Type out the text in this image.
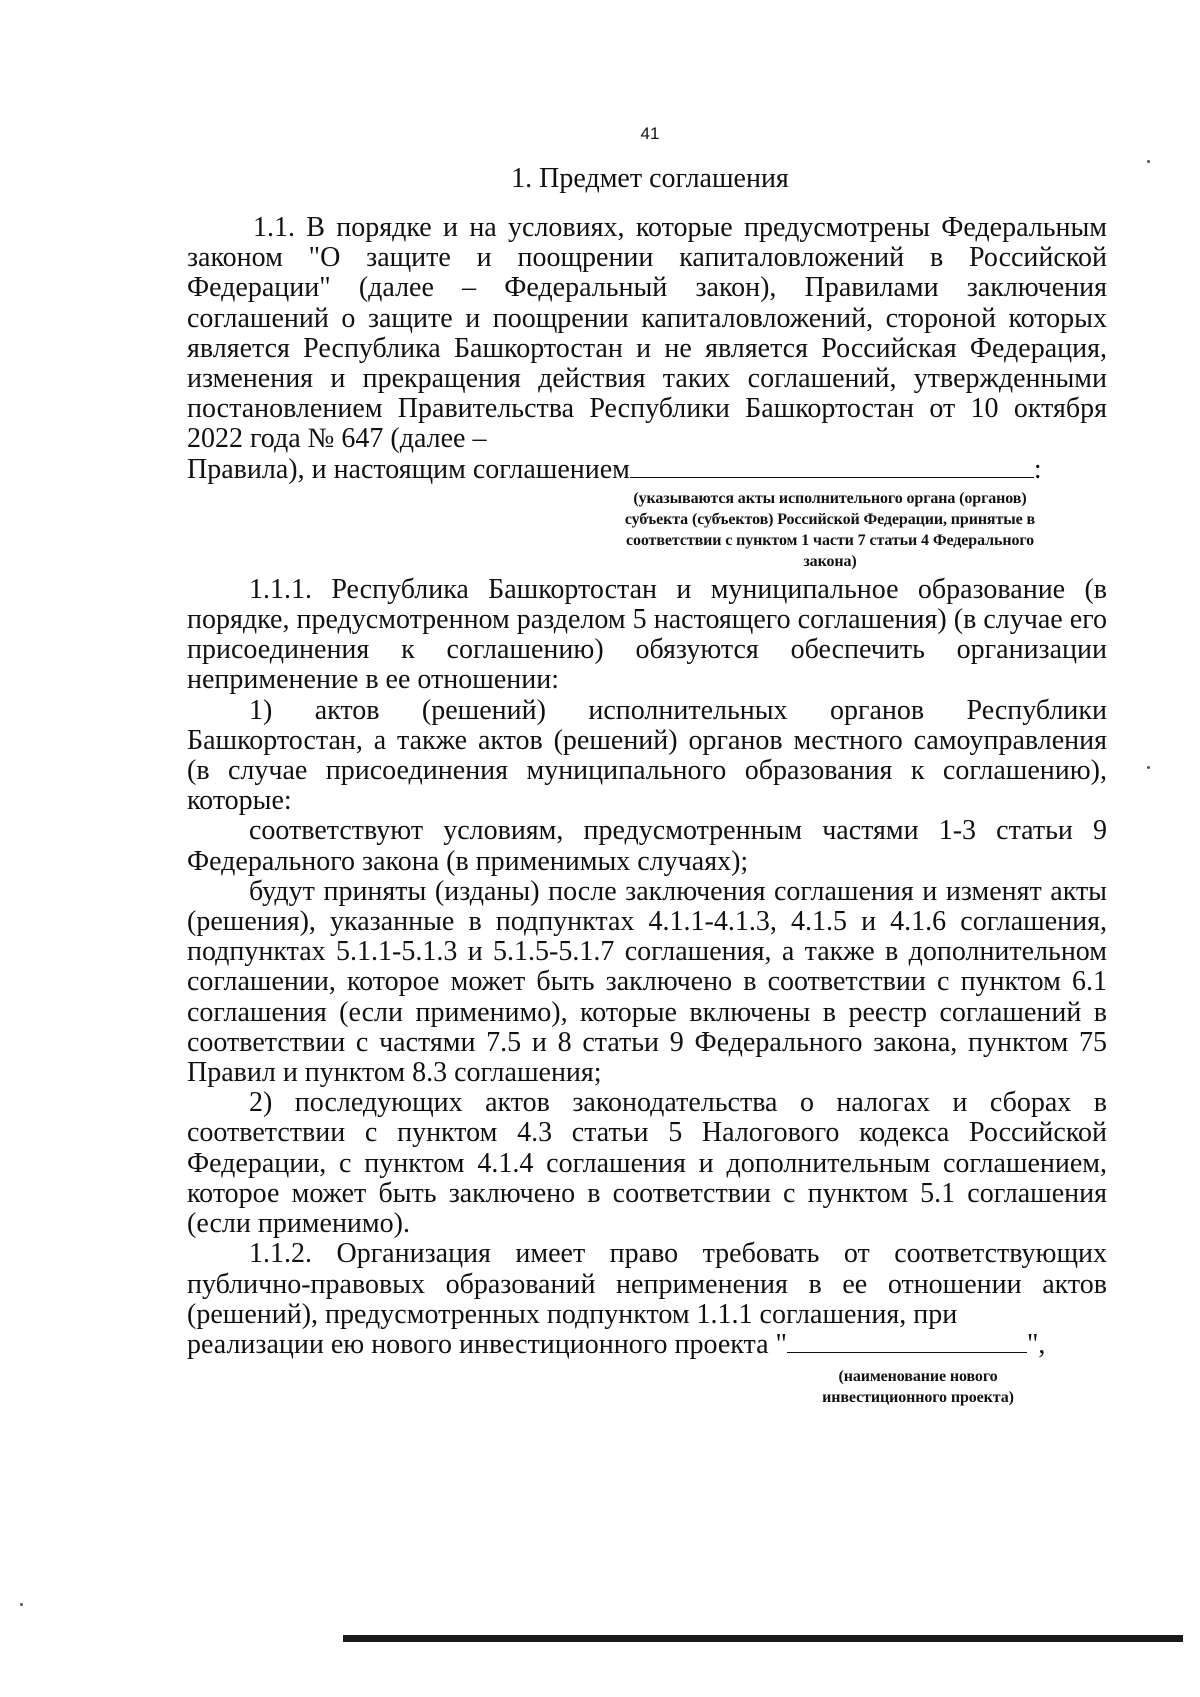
41
1. Предмет соглашения

1.1. В порядке и на условиях, которые предусмотрены Федеральным законом "О защите и поощрении капиталовложений в Российской Федерации" (далее – Федеральный закон), Правилами заключения соглашений о защите и поощрении капиталовложений, стороной которых является Республика Башкортостан и не является Российская Федерация, изменения и прекращения действия таких соглашений, утвержденными постановлением Правительства Республики Башкортостан от 10 октября 2022 года № 647 (далее –

Правила), и настоящим соглашением	:

(указываются акты исполнительного органа (органов) субъекта (субъектов) Российской Федерации, принятые в соответствии с пунктом 1 части 7 статьи 4 Федерального закона)

1.1.1. Республика Башкортостан и муниципальное образование (в порядке, предусмотренном разделом 5 настоящего соглашения) (в случае его присоединения к соглашению) обязуются обеспечить организации неприменение в ее отношении:

1) актов (решений) исполнительных органов Республики Башкортостан, а также актов (решений) органов местного самоуправления (в случае присоединения муниципального образования к соглашению), которые:

соответствуют условиям, предусмотренным частями 1-3 статьи 9 Федерального закона (в применимых случаях);

будут приняты (изданы) после заключения соглашения и изменят акты (решения), указанные в подпунктах 4.1.1-4.1.3, 4.1.5 и 4.1.6 соглашения, подпунктах 5.1.1-5.1.3 и 5.1.5-5.1.7 соглашения, а также в дополнительном соглашении, которое может быть заключено в соответствии с пунктом 6.1 соглашения (если применимо), которые включены в реестр соглашений в соответствии с частями 7.5 и 8 статьи 9 Федерального закона, пунктом 75 Правил и пунктом 8.3 соглашения;

2) последующих актов законодательства о налогах и сборах в соответствии с пунктом 4.3 статьи 5 Налогового кодекса Российской Федерации, с пунктом 4.1.4 соглашения и дополнительным соглашением, которое может быть заключено в соответствии с пунктом 5.1 соглашения (если применимо).

1.1.2. Организация имеет право требовать от соответствующих публично-правовых образований неприменения в ее отношении актов (решений), предусмотренных подпунктом 1.1.1 соглашения, при

реализации ею нового инвестиционного проекта "	",

(наименование нового инвестиционного проекта)
